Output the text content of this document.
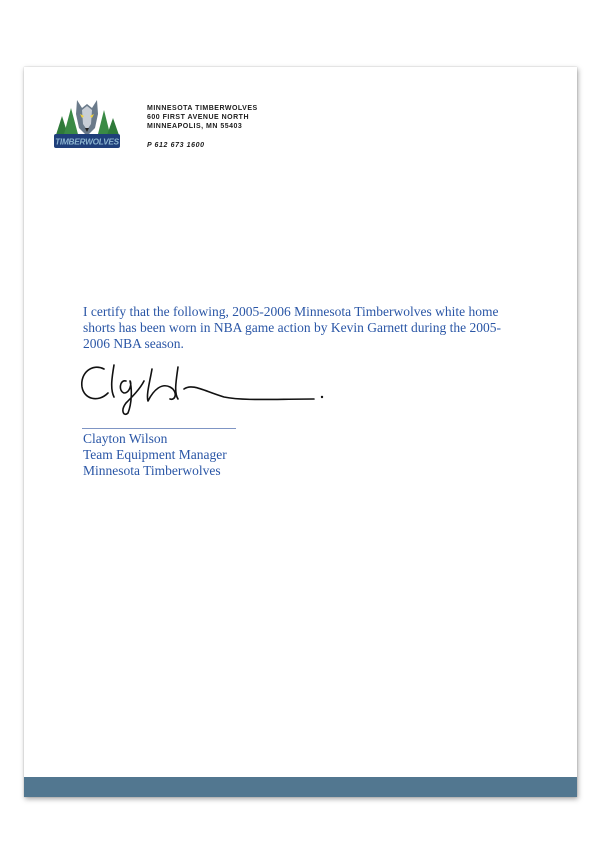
TIMBERWOLVES
MINNESOTA TIMBERWOLVES
600 FIRST AVENUE NORTH
MINNEAPOLIS, MN 55403
P 612 673 1600
I certify that the following, 2005-2006 Minnesota Timberwolves white home
shorts has been worn in NBA game action by Kevin Garnett during the 2005-
2006 NBA season.
Clayton Wilson
Team Equipment Manager
Minnesota Timberwolves
